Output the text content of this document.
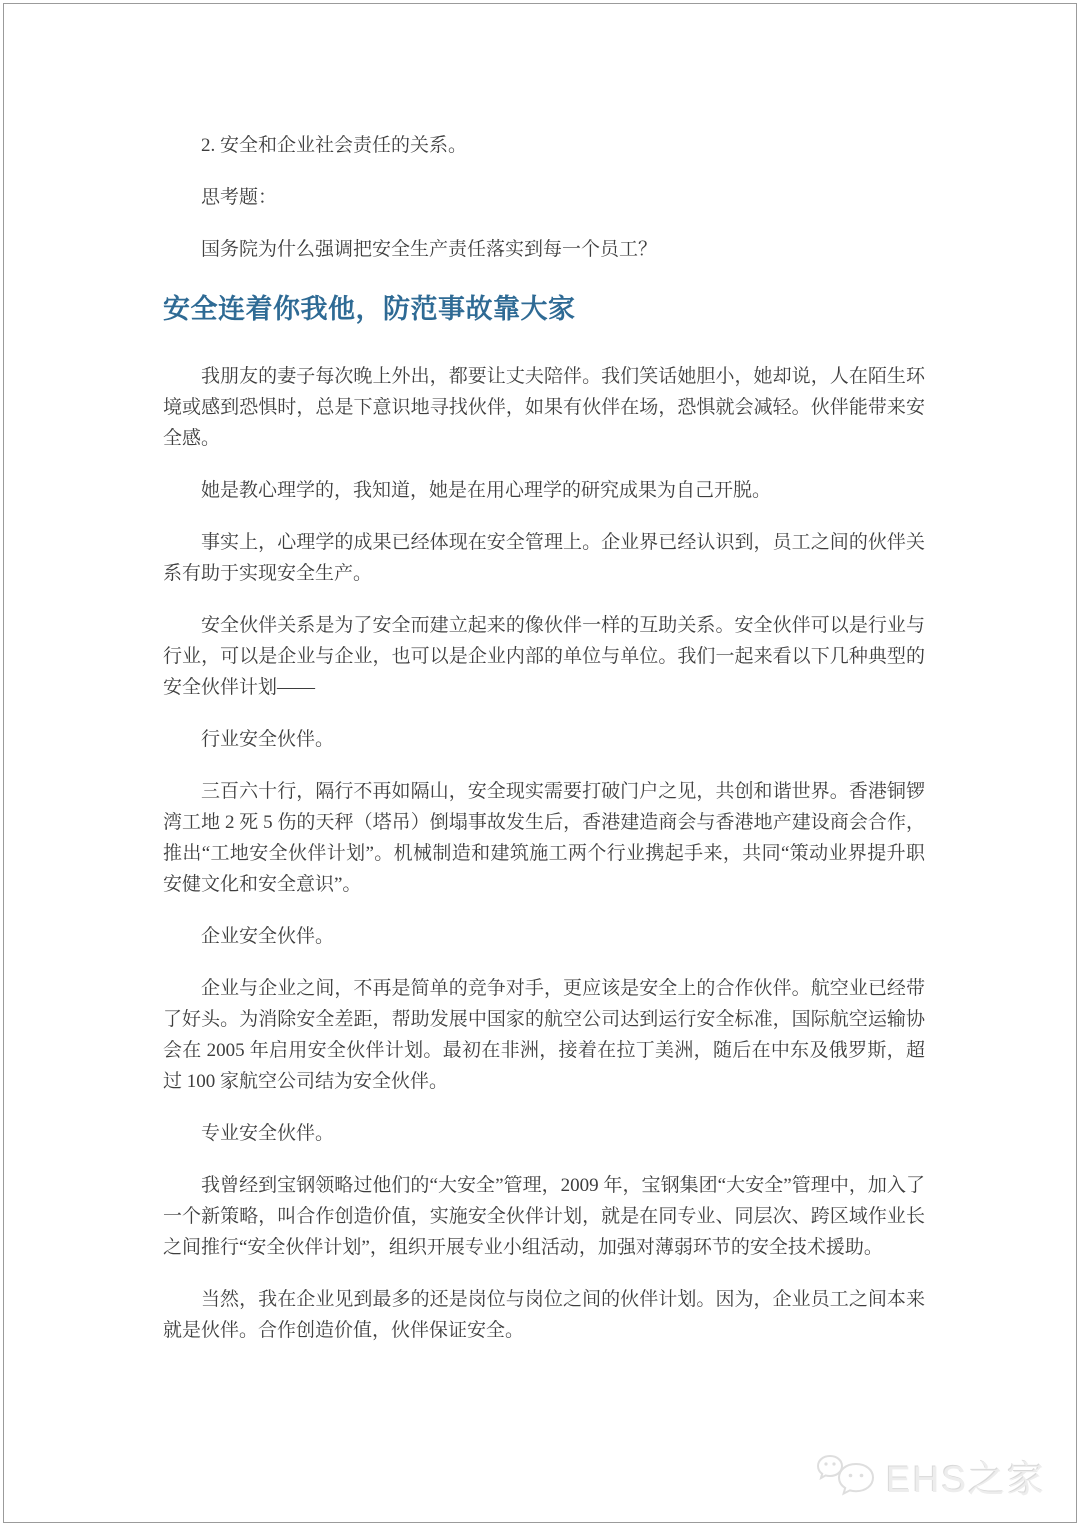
2. 安全和企业社会责任的关系。

思考题：

国务院为什么强调把安全生产责任落实到每一个员工？

安全连着你我他，防范事故靠大家

我朋友的妻子每次晚上外出，都要让丈夫陪伴。我们笑话她胆小，她却说，人在陌生环境或感到恐惧时，总是下意识地寻找伙伴，如果有伙伴在场，恐惧就会减轻。伙伴能带来安全感。

她是教心理学的，我知道，她是在用心理学的研究成果为自己开脱。

事实上，心理学的成果已经体现在安全管理上。企业界已经认识到，员工之间的伙伴关系有助于实现安全生产。

安全伙伴关系是为了安全而建立起来的像伙伴一样的互助关系。安全伙伴可以是行业与行业，可以是企业与企业，也可以是企业内部的单位与单位。我们一起来看以下几种典型的安全伙伴计划——

行业安全伙伴。

三百六十行，隔行不再如隔山，安全现实需要打破门户之见，共创和谐世界。香港铜锣湾工地 2 死 5 伤的天秤（塔吊）倒塌事故发生后，香港建造商会与香港地产建设商会合作，推出“工地安全伙伴计划”。机械制造和建筑施工两个行业携起手来，共同“策动业界提升职安健文化和安全意识”。

企业安全伙伴。

企业与企业之间，不再是简单的竞争对手，更应该是安全上的合作伙伴。航空业已经带了好头。为消除安全差距，帮助发展中国家的航空公司达到运行安全标准，国际航空运输协会在 2005 年启用安全伙伴计划。最初在非洲，接着在拉丁美洲，随后在中东及俄罗斯，超过 100 家航空公司结为安全伙伴。

专业安全伙伴。

我曾经到宝钢领略过他们的“大安全”管理，2009 年，宝钢集团“大安全”管理中，加入了一个新策略，叫合作创造价值，实施安全伙伴计划，就是在同专业、同层次、跨区域作业长之间推行“安全伙伴计划”，组织开展专业小组活动，加强对薄弱环节的安全技术援助。

当然，我在企业见到最多的还是岗位与岗位之间的伙伴计划。因为，企业员工之间本来就是伙伴。合作创造价值，伙伴保证安全。

EHS之家
